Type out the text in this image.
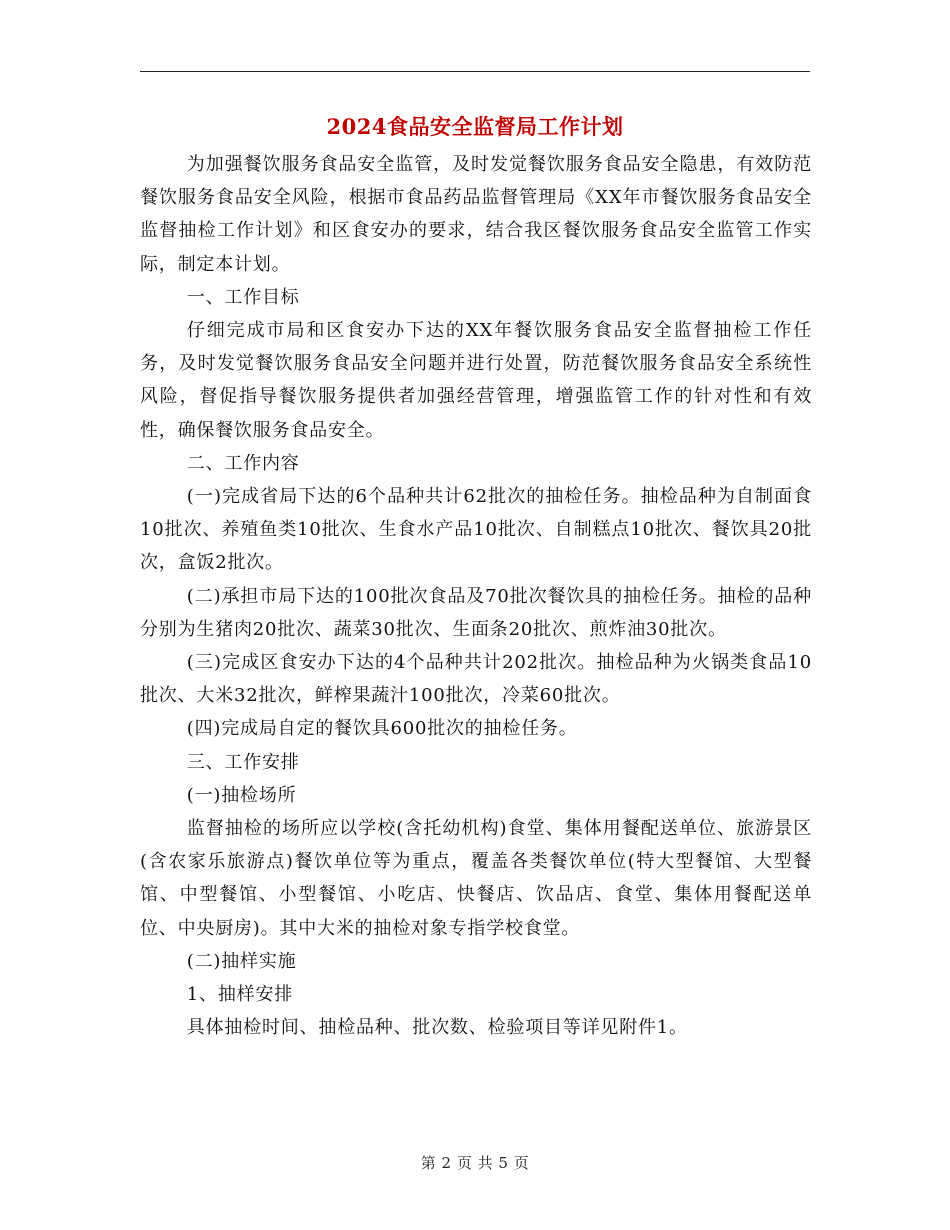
2024食品安全监督局工作计划

为加强餐饮服务食品安全监管，及时发觉餐饮服务食品安全隐患，有效防范餐饮服务食品安全风险，根据市食品药品监督管理局《XX年市餐饮服务食品安全监督抽检工作计划》和区食安办的要求，结合我区餐饮服务食品安全监管工作实际，制定本计划。

一、工作目标

仔细完成市局和区食安办下达的XX年餐饮服务食品安全监督抽检工作任务，及时发觉餐饮服务食品安全问题并进行处置，防范餐饮服务食品安全系统性风险，督促指导餐饮服务提供者加强经营管理，增强监管工作的针对性和有效性，确保餐饮服务食品安全。

二、工作内容

(一)完成省局下达的6个品种共计62批次的抽检任务。抽检品种为自制面食10批次、养殖鱼类10批次、生食水产品10批次、自制糕点10批次、餐饮具20批次，盒饭2批次。

(二)承担市局下达的100批次食品及70批次餐饮具的抽检任务。抽检的品种分别为生猪肉20批次、蔬菜30批次、生面条20批次、煎炸油30批次。

(三)完成区食安办下达的4个品种共计202批次。抽检品种为火锅类食品10批次、大米32批次，鲜榨果蔬汁100批次，冷菜60批次。

(四)完成局自定的餐饮具600批次的抽检任务。

三、工作安排

(一)抽检场所

监督抽检的场所应以学校(含托幼机构)食堂、集体用餐配送单位、旅游景区(含农家乐旅游点)餐饮单位等为重点，覆盖各类餐饮单位(特大型餐馆、大型餐馆、中型餐馆、小型餐馆、小吃店、快餐店、饮品店、食堂、集体用餐配送单位、中央厨房)。其中大米的抽检对象专指学校食堂。

(二)抽样实施

1、抽样安排

具体抽检时间、抽检品种、批次数、检验项目等详见附件1。

第 2 页 共 5 页
